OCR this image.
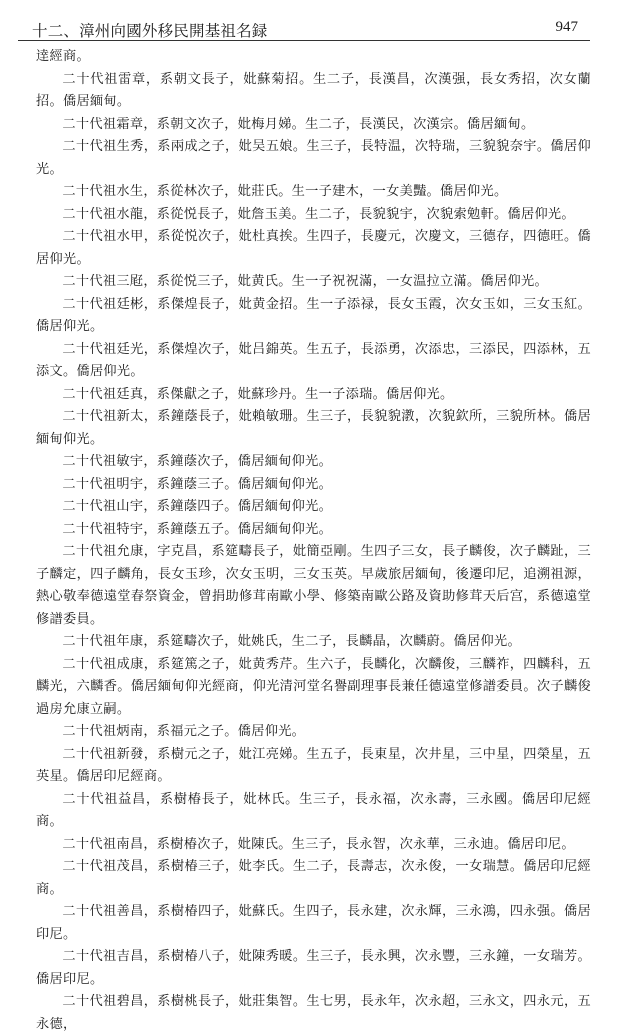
十二、漳州向國外移民開基祖名録	947

逹經商。

二十代祖雷章，系朝文長子，妣蘇菊招。生二子，長漢昌，次漢强，長女秀招，次女蘭招。僑居緬甸。

二十代祖霜章，系朝文次子，妣梅月娣。生二子，長漢民，次漢宗。僑居緬甸。

二十代祖生秀，系兩成之子，妣吴五娘。生三子，長特温，次特瑞，三貌貌奈宇。僑居仰光。

二十代祖水生，系從林次子，妣莊氏。生一子建木，一女美豔。僑居仰光。

二十代祖水龍，系從悦長子，妣詹玉美。生二子，長貌貌宇，次貌索勉軒。僑居仰光。

二十代祖水甲，系從悦次子，妣杜真挨。生四子，長慶元，次慶文，三德存，四德旺。僑居仰光。

二十代祖三屘，系從悦三子，妣黄氏。生一子祝祝滿，一女温拉立滿。僑居仰光。

二十代祖廷彬，系傑煌長子，妣黄金招。生一子添禄，長女玉霞，次女玉如，三女玉紅。僑居仰光。

二十代祖廷光，系傑煌次子，妣吕錦英。生五子，長添勇，次添忠，三添民，四添林，五添文。僑居仰光。

二十代祖廷真，系傑獻之子，妣蘇珍丹。生一子添瑞。僑居仰光。

二十代祖新太，系鐘蔭長子，妣賴敏珊。生三子，長貌貌漖，次貌欽所，三貌所林。僑居緬甸仰光。

二十代祖敏宇，系鐘蔭次子，僑居緬甸仰光。

二十代祖明宇，系鐘蔭三子。僑居緬甸仰光。

二十代祖山宇，系鐘蔭四子。僑居緬甸仰光。

二十代祖特宇，系鐘蔭五子。僑居緬甸仰光。

二十代祖允康，字克昌，系筵疇長子，妣簡亞剛。生四子三女，長子麟俊，次子麟趾，三子麟定，四子麟角，長女玉珍，次女玉明，三女玉英。早歲旅居緬甸，後遷印尼，追溯祖源，熱心敬奉德遠堂春祭資金，曾捐助修茸南歐小學、修築南歐公路及資助修茸天后宫，系德遠堂修譜委員。

二十代祖年康，系筵疇次子，妣姚氏，生二子，長麟晶，次麟蔚。僑居仰光。

二十代祖成康，系筵篤之子，妣黄秀芹。生六子，長麟化，次麟俊，三麟祚，四麟科，五麟光，六麟香。僑居緬甸仰光經商，仰光清河堂名譽副理事長兼任德遠堂修譜委員。次子麟俊過房允康立嗣。

二十代祖炳南，系福元之子。僑居仰光。

二十代祖新發，系樹元之子，妣江亮娣。生五子，長東星，次井星，三中星，四榮星，五英星。僑居印尼經商。

二十代祖益昌，系樹椿長子，妣林氏。生三子，長永福，次永壽，三永國。僑居印尼經商。

二十代祖南昌，系樹椿次子，妣陳氏。生三子，長永智，次永華，三永迪。僑居印尼。

二十代祖茂昌，系樹椿三子，妣李氏。生二子，長壽志，次永俊，一女瑞慧。僑居印尼經商。

二十代祖善昌，系樹椿四子，妣蘇氏。生四子，長永建，次永輝，三永鴻，四永强。僑居印尼。

二十代祖吉昌，系樹椿八子，妣陳秀暖。生三子，長永興，次永豐，三永鐘，一女瑞芳。僑居印尼。

二十代祖碧昌，系樹桃長子，妣莊集智。生七男，長永年，次永超，三永文，四永元，五永德，
